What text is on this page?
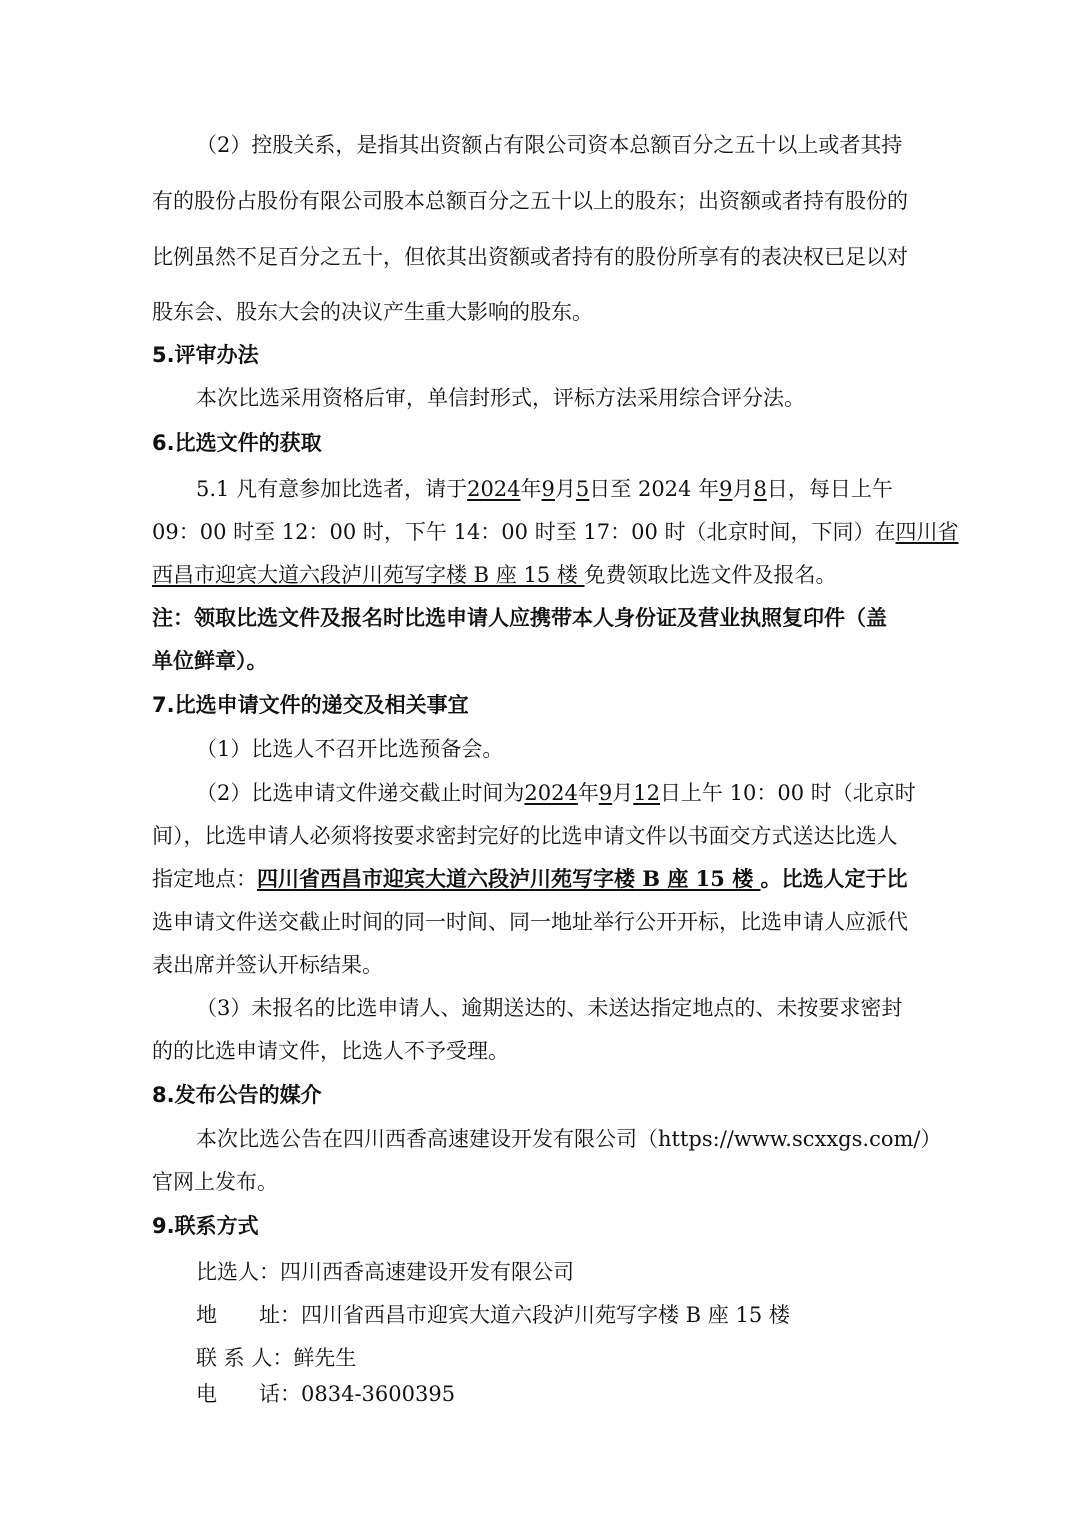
（2）控股关系，是指其出资额占有限公司资本总额百分之五十以上或者其持
有的股份占股份有限公司股本总额百分之五十以上的股东；出资额或者持有股份的
比例虽然不足百分之五十，但依其出资额或者持有的股份所享有的表决权已足以对
股东会、股东大会的决议产生重大影响的股东。
5.评审办法
本次比选采用资格后审，单信封形式，评标方法采用综合评分法。
6.比选文件的获取
5.1 凡有意参加比选者，请于2024年9月5日至 2024 年9月8日，每日上午
09：00 时至 12：00 时，下午 14：00 时至 17：00 时（北京时间，下同）在四川省
西昌市迎宾大道六段泸川苑写字楼 B 座 15 楼 免费领取比选文件及报名。
注：领取比选文件及报名时比选申请人应携带本人身份证及营业执照复印件（盖
单位鲜章）。
7.比选申请文件的递交及相关事宜
（1）比选人不召开比选预备会。
（2）比选申请文件递交截止时间为2024年9月12日上午 10：00 时（北京时
间），比选申请人必须将按要求密封完好的比选申请文件以书面交方式送达比选人
指定地点：四川省西昌市迎宾大道六段泸川苑写字楼 B 座 15 楼 。比选人定于比
选申请文件送交截止时间的同一时间、同一地址举行公开开标，比选申请人应派代
表出席并签认开标结果。
（3）未报名的比选申请人、逾期送达的、未送达指定地点的、未按要求密封
的的比选申请文件，比选人不予受理。
8.发布公告的媒介
本次比选公告在四川西香高速建设开发有限公司（https://www.scxxgs.com/）
官网上发布。
9.联系方式
比选人：四川西香高速建设开发有限公司
地　　址：四川省西昌市迎宾大道六段泸川苑写字楼 B 座 15 楼
联 系 人：鲜先生
电　　话：0834-3600395
